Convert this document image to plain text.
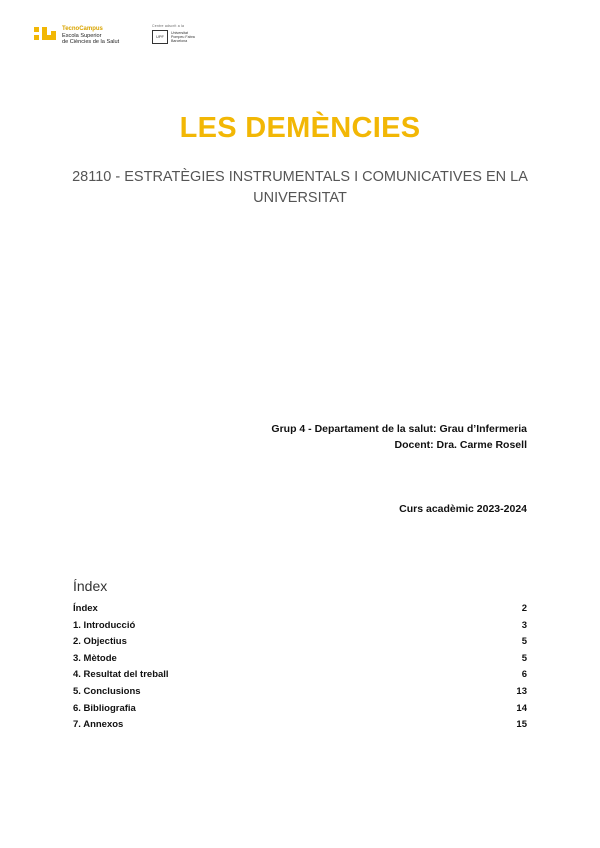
TecnoCampus
Escola Superior
de Ciències de la Salut
Centre adscrit a la
UPF
Universitat
Pompeu Fabra
Barcelona
LES DEMÈNCIES
28110 - ESTRATÈGIES INSTRUMENTALS I COMUNICATIVES EN LA UNIVERSITAT
Grup 4 - Departament de la salut: Grau d’Infermeria
Docent: Dra. Carme Rosell
Curs acadèmic 2023-2024
Índex
Índex	2
1. Introducció	3
2. Objectius	5
3. Mètode	5
4. Resultat del treball	6
5. Conclusions	13
6. Bibliografia	14
7. Annexos	15
